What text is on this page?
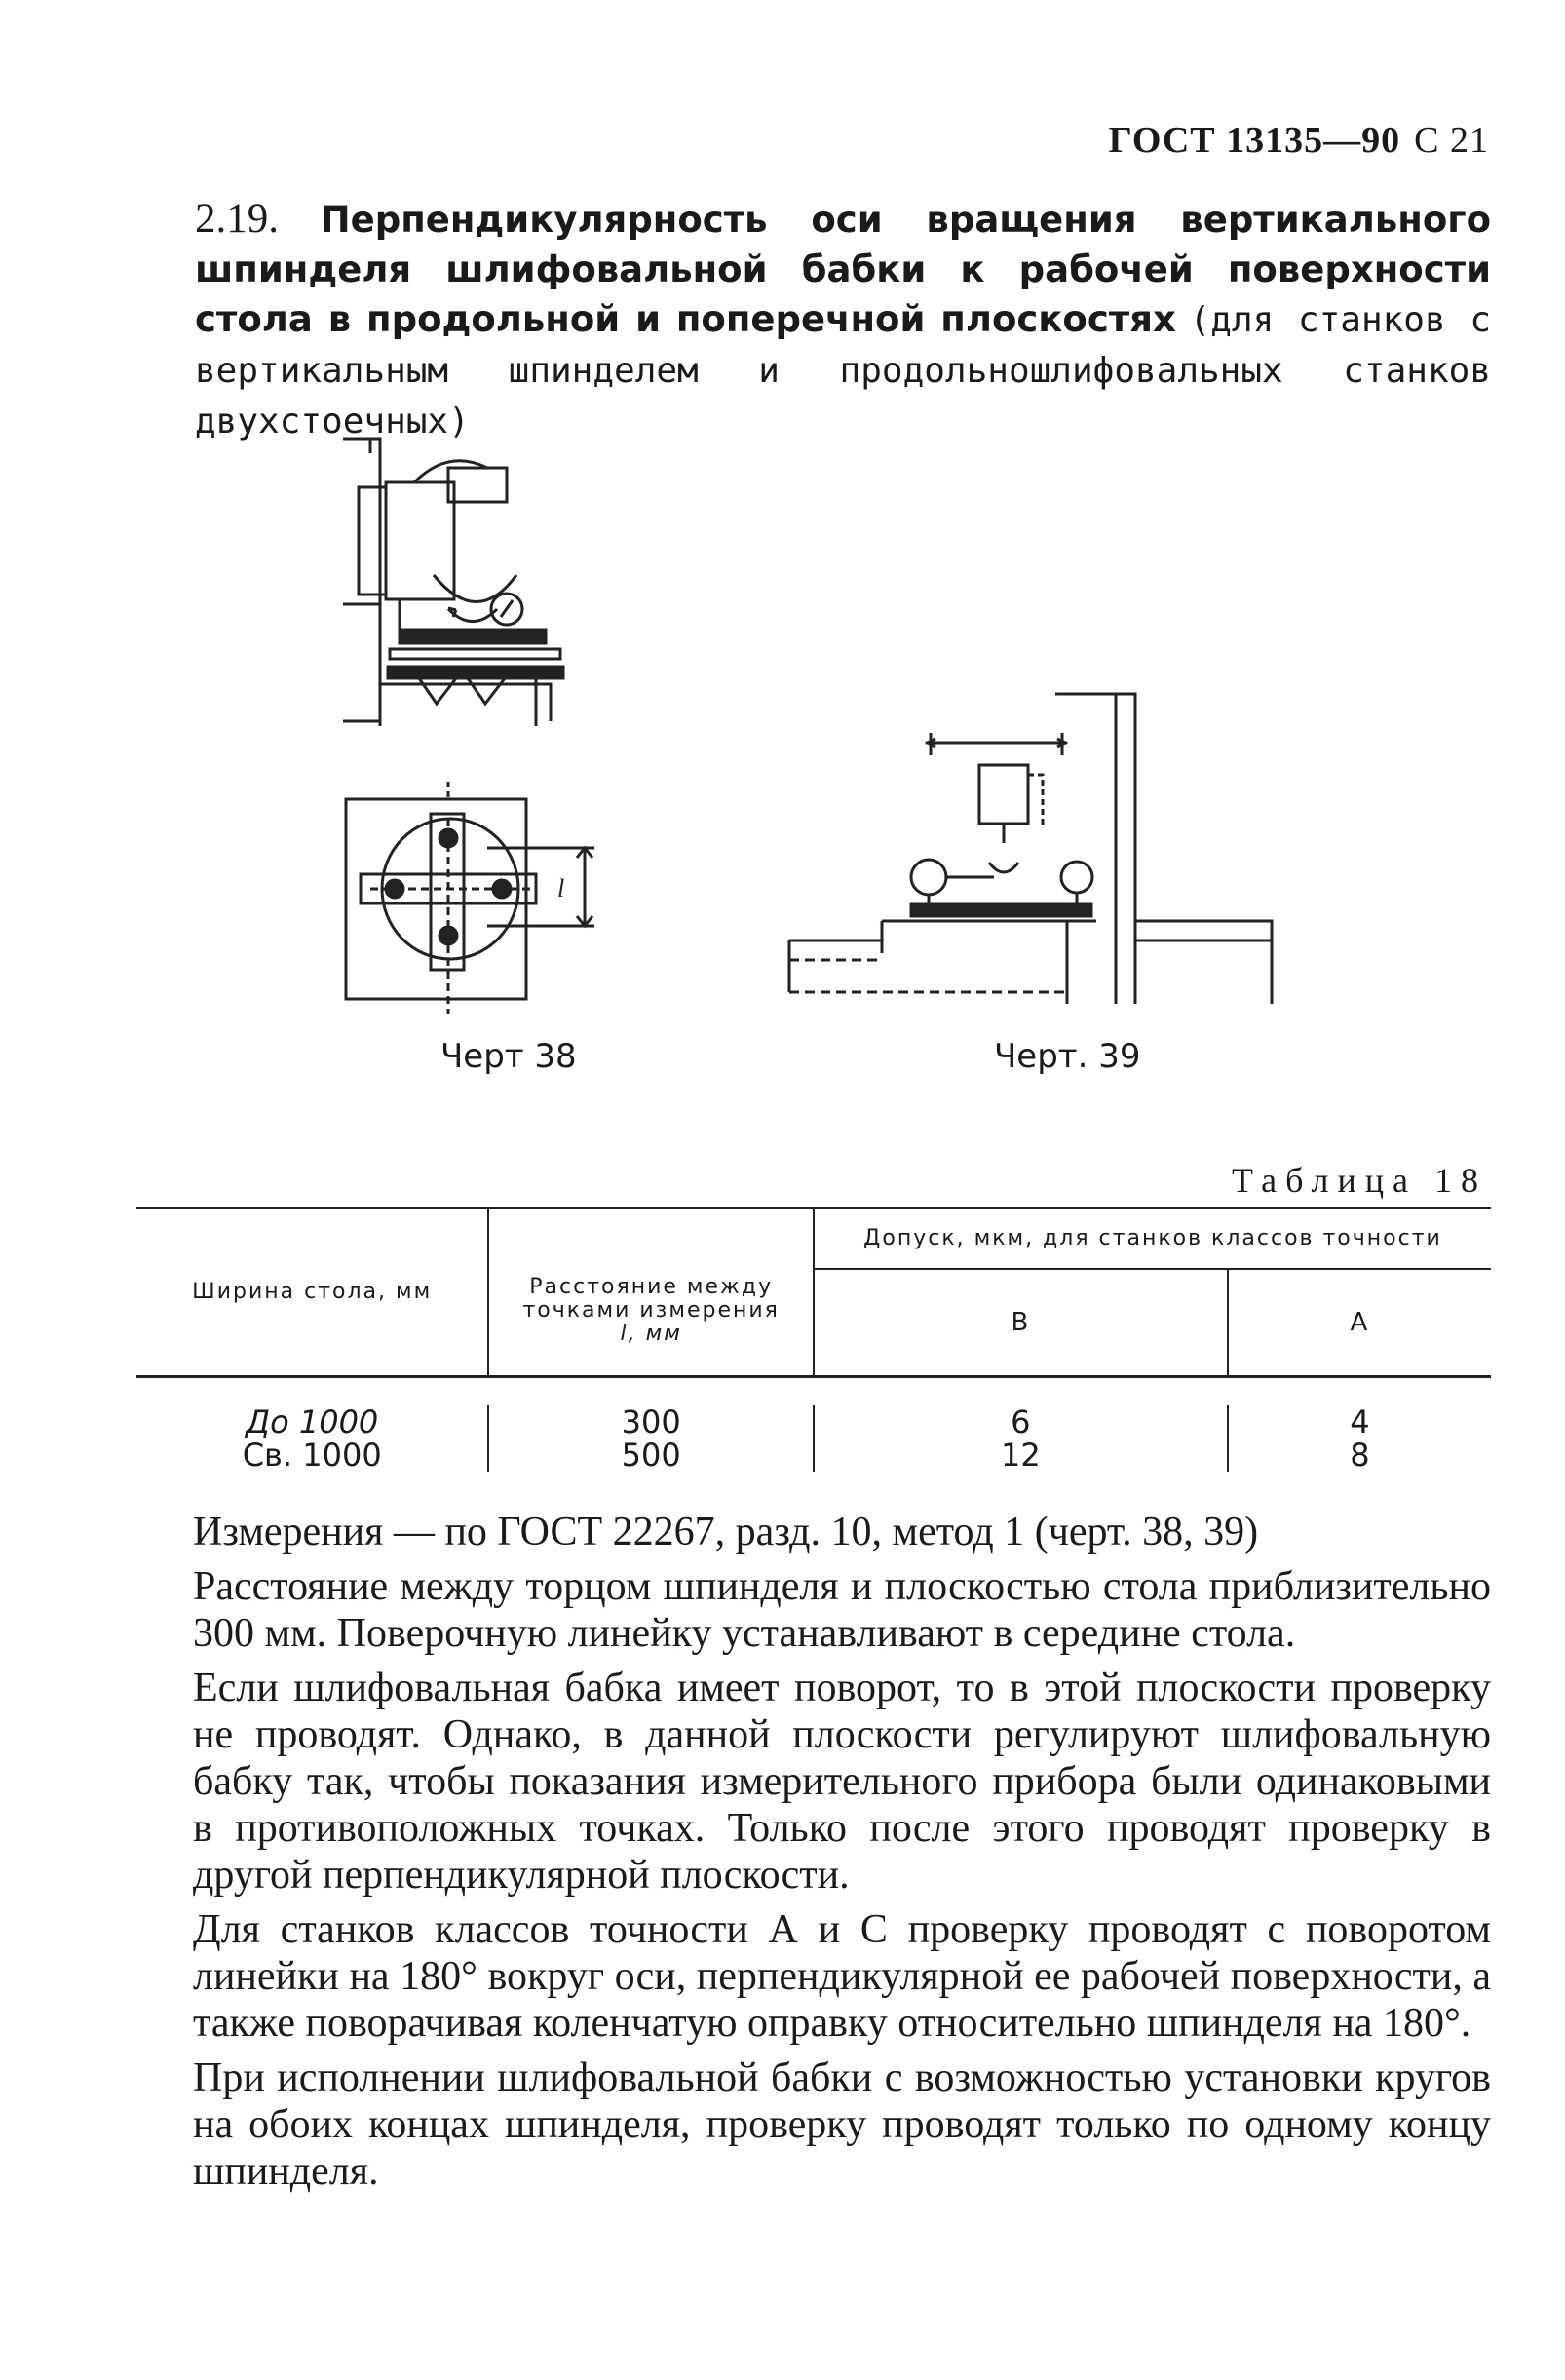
ГОСТ 13135—90 С 21
2.19. Перпендикулярность оси вращения вертикального шпинделя шлифовальной бабки к рабочей поверхности стола в продольной и поперечной плоскостях (для станков с вертикальным шпинделем и продольношлифовальных станков двухстоечных)
l
Черт 38	Черт. 39
Таблица 18
Ширина стола, мм	Расстояние между
точками измерения
l, мм	Допуск, мкм, для станков классов точности	
		В	А

До 1000	300	6	4
Св. 1000	500	12	8

Измерения — по ГОСТ 22267, разд. 10, метод 1 (черт. 38, 39)

Расстояние между торцом шпинделя и плоскостью стола приблизительно 300 мм. Поверочную линейку устанавливают в середине стола.

Если шлифовальная бабка имеет поворот, то в этой плоскости проверку не проводят. Однако, в данной плоскости регулируют шлифовальную бабку так, чтобы показания измерительного прибора были одинаковыми в противоположных точках. Только после этого проводят проверку в другой перпендикулярной плоскости.

Для станков классов точности А и С проверку проводят с поворотом линейки на 180° вокруг оси, перпендикулярной ее рабочей поверхности, а также поворачивая коленчатую оправку относительно шпинделя на 180°.

При исполнении шлифовальной бабки с возможностью установки кругов на обоих концах шпинделя, проверку проводят только по одному концу шпинделя.
